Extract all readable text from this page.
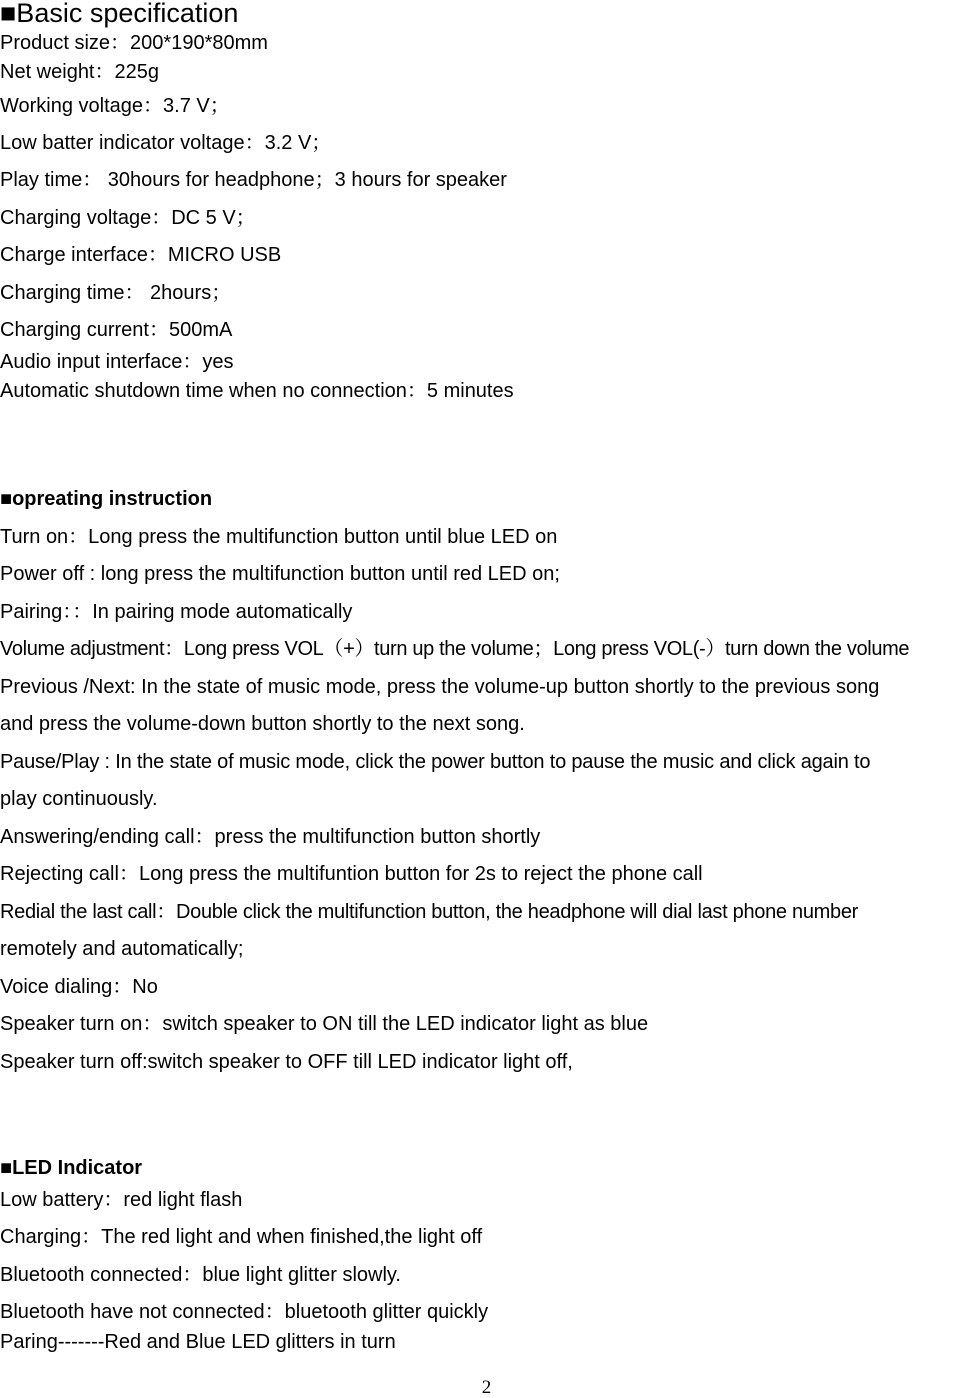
■Basic specification
Product size：200*190*80mm
Net weight：225g
Working voltage：3.7 V；
Low batter indicator voltage：3.2 V；
Play time： 30hours for headphone；3 hours for speaker
Charging voltage：DC 5 V；
Charge interface：MICRO USB
Charging time： 2hours；
Charging current：500mA
Audio input interface：yes
Automatic shutdown time when no connection：5 minutes
■opreating instruction
Turn on：Long press the multifunction button until blue LED on
Power off : long press the multifunction button until red LED on;
Pairing：：In pairing mode automatically
Volume adjustment：Long press VOL（+）turn up the volume；Long press VOL(-）turn down the volume
Previous /Next: In the state of music mode, press the volume-up button shortly to the previous song
and press the volume-down button shortly to the next song.
Pause/Play : In the state of music mode, click the power button to pause the music and click again to
play continuously.
Answering/ending call：press the multifunction button shortly
Rejecting call：Long press the multifuntion button for 2s to reject the phone call
Redial the last call：Double click the multifunction button, the headphone will dial last phone number
remotely and automatically;
Voice dialing：No
Speaker turn on：switch speaker to ON till the LED indicator light as blue
Speaker turn off:switch speaker to OFF till LED indicator light off,
■LED Indicator
Low battery：red light flash
Charging：The red light and when finished,the light off
Bluetooth connected：blue light glitter slowly.
Bluetooth have not connected：bluetooth glitter quickly
Paring-------Red and Blue LED glitters in turn
2
